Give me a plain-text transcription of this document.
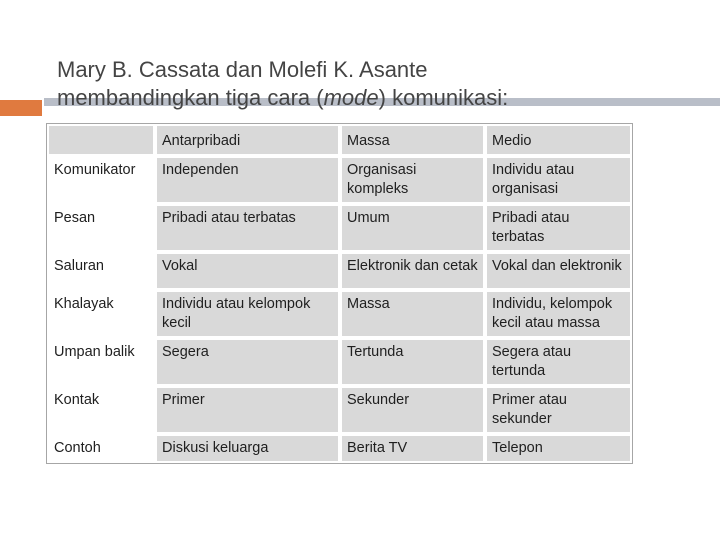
Mary B. Cassata dan Molefi K. Asante
membandingkan tiga cara (mode) komunikasi:
	Antarpribadi	Massa	Medio
Komunikator	Independen	Organisasi kompleks	Individu atau organisasi
Pesan	Pribadi atau terbatas	Umum	Pribadi atau terbatas
Saluran	Vokal	Elektronik dan cetak	Vokal dan elektronik
Khalayak	Individu atau kelompok kecil	Massa	Individu, kelompok kecil atau massa
Umpan balik	Segera	Tertunda	Segera atau tertunda
Kontak	Primer	Sekunder	Primer atau sekunder
Contoh	Diskusi keluarga	Berita TV	Telepon
